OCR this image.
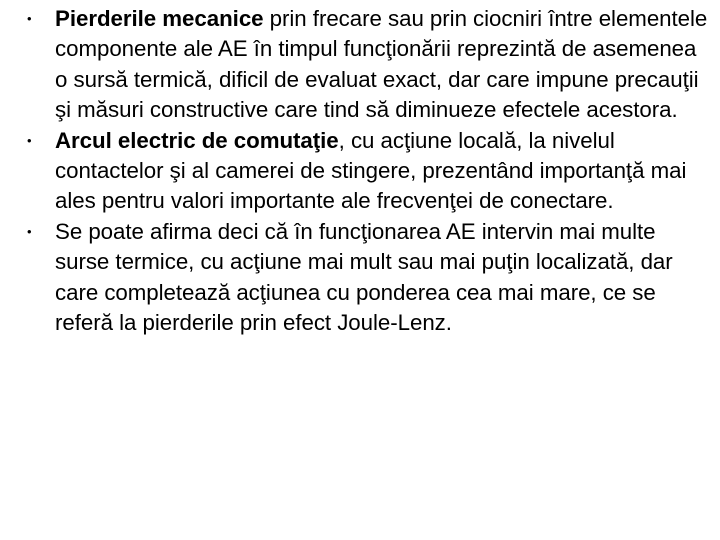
• Pierderile mecanice prin frecare sau prin ciocniri între elementele componente ale AE în timpul funcţionării reprezintă de asemenea o sursă termică, dificil de evaluat exact, dar care impune precauţii şi măsuri constructive care tind să diminueze efectele acestora.
• Arcul electric de comutaţie, cu acţiune locală, la nivelul contactelor şi al camerei de stingere, prezentând importanţă mai ales pentru valori importante ale frecvenţei de conectare.
• Se poate afirma deci că în funcţionarea AE intervin mai multe surse termice, cu acţiune mai mult sau mai puţin localizată, dar care completează acţiunea cu ponderea cea mai mare, ce se referă la pierderile prin efect Joule-Lenz.
